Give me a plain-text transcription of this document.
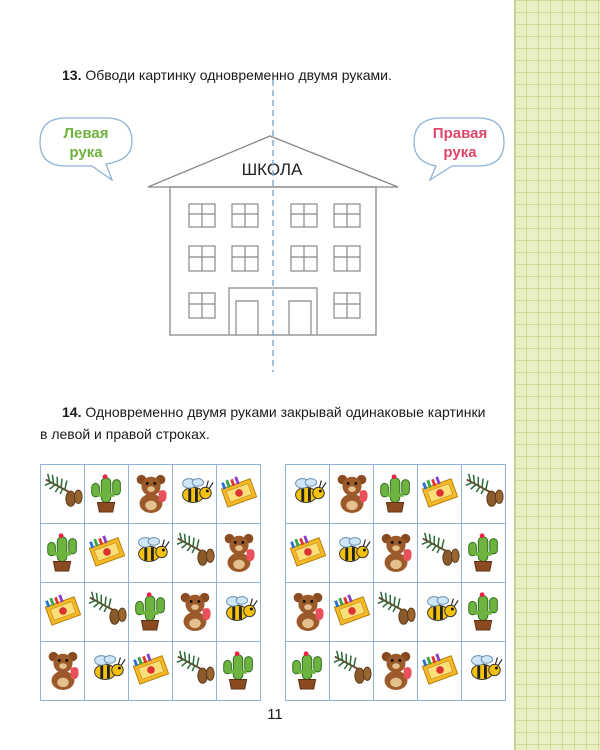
13. Обводи картинку одновременно двумя руками.
ШКОЛА
Левая
рука
Правая
рука
14. Одновременно двумя руками закрывай одинаковые картинки
в левой и правой строках.

11
